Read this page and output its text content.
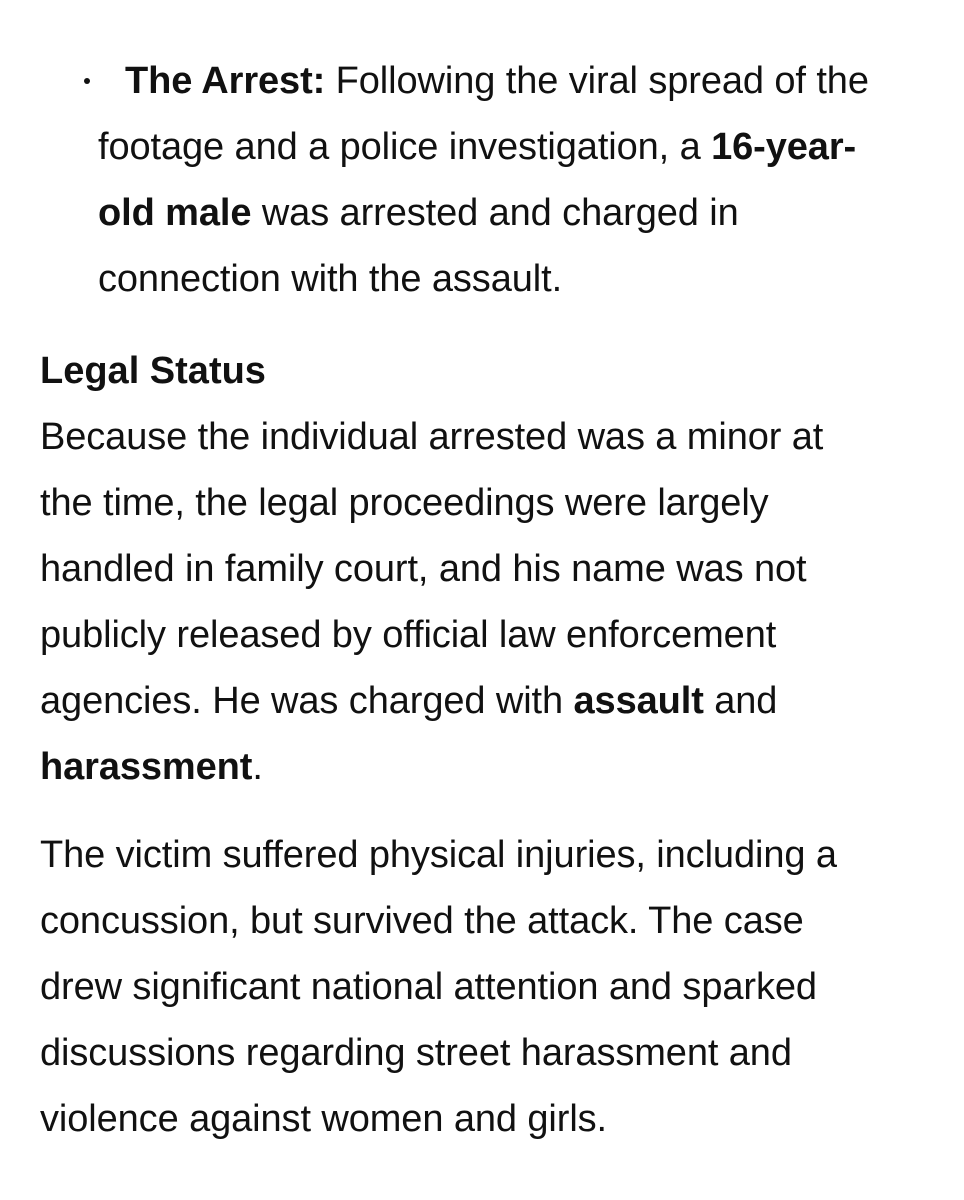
The Arrest: Following the viral spread of the
footage and a police investigation, a 16-year-
old male was arrested and charged in
connection with the assault.
Legal Status
Because the individual arrested was a minor at
the time, the legal proceedings were largely
handled in family court, and his name was not
publicly released by official law enforcement
agencies. He was charged with assault and
harassment.
The victim suffered physical injuries, including a
concussion, but survived the attack. The case
drew significant national attention and sparked
discussions regarding street harassment and
violence against women and girls.
